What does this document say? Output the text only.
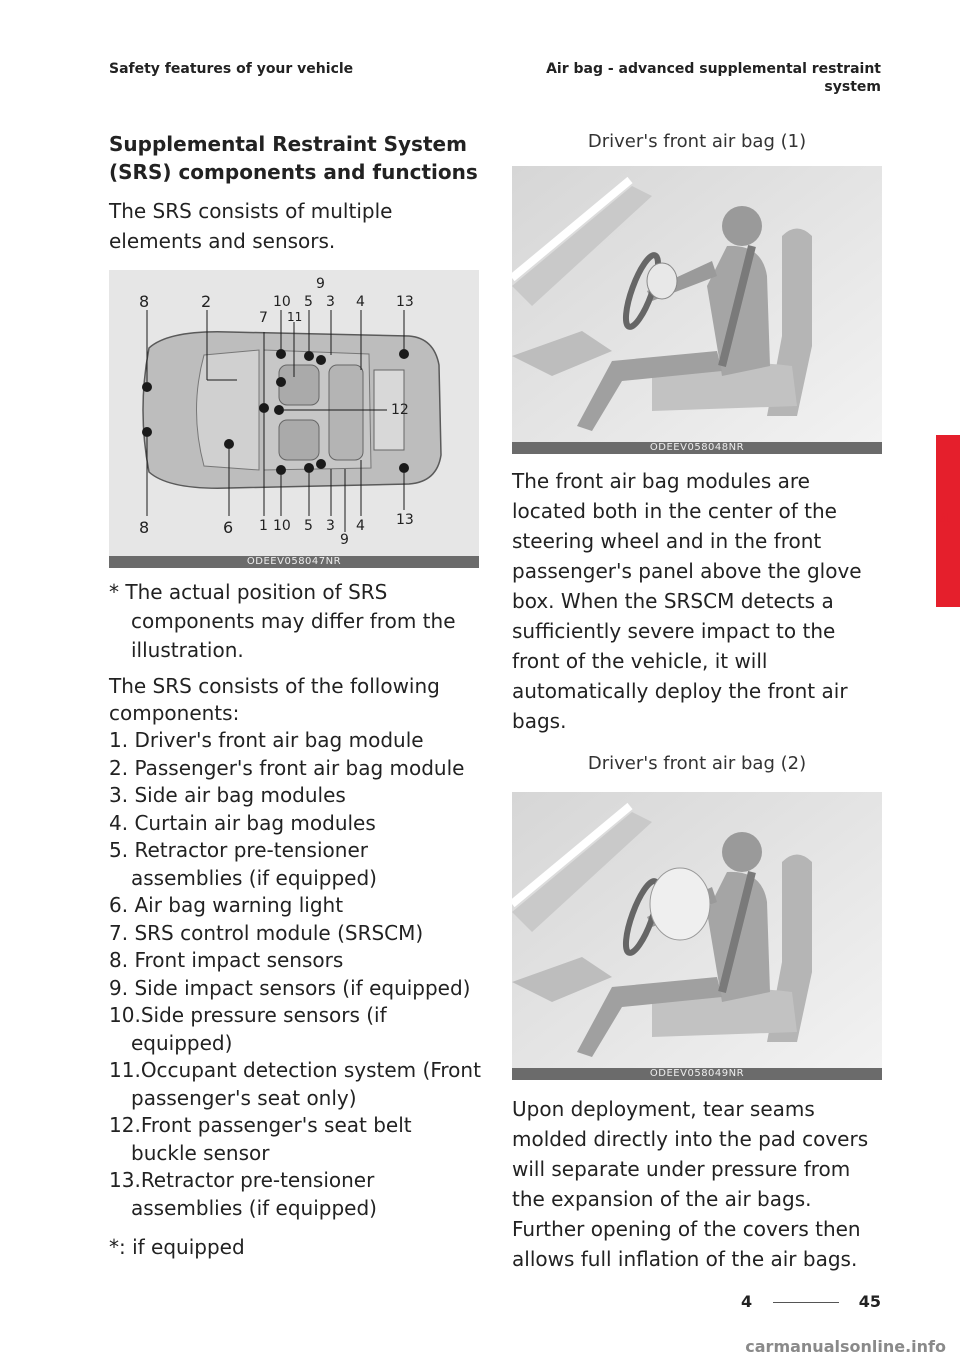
Safety features of your vehicle	Air bag - advanced supplemental restraint system
Supplemental Restraint System (SRS) components and functions

The SRS consists of multiple elements and sensors.

8	2	10
11
7
5
9
3 4 13
12
8	6 1 10 5 3
9
4 13
ODEEV058047NR

* The actual position of SRS components may differ from the illustration.

The SRS consists of the following components:

1. Driver's front air bag module
2. Passenger's front air bag module
3. Side air bag modules
4. Curtain air bag modules
5. Retractor pre-tensioner assemblies (if equipped)
6. Air bag warning light
7. SRS control module (SRSCM)
8. Front impact sensors
9. Side impact sensors (if equipped)
10.Side pressure sensors (if equipped)
11.Occupant detection system (Front passenger's seat only)
12.Front passenger's seat belt buckle sensor
13.Retractor pre-tensioner assemblies (if equipped)

*: if equipped

Driver's front air bag (1)
ODEEV058048NR

The front air bag modules are located both in the center of the steering wheel and in the front passenger's panel above the glove box. When the SRSCM detects a sufficiently severe impact to the front of the vehicle, it will automatically deploy the front air bags.

Driver's front air bag (2)
ODEEV058049NR

Upon deployment, tear seams molded directly into the pad covers will separate under pressure from the expansion of the air bags. Further opening of the covers then allows full inflation of the air bags.

4
4	45
carmanualsonline.info
